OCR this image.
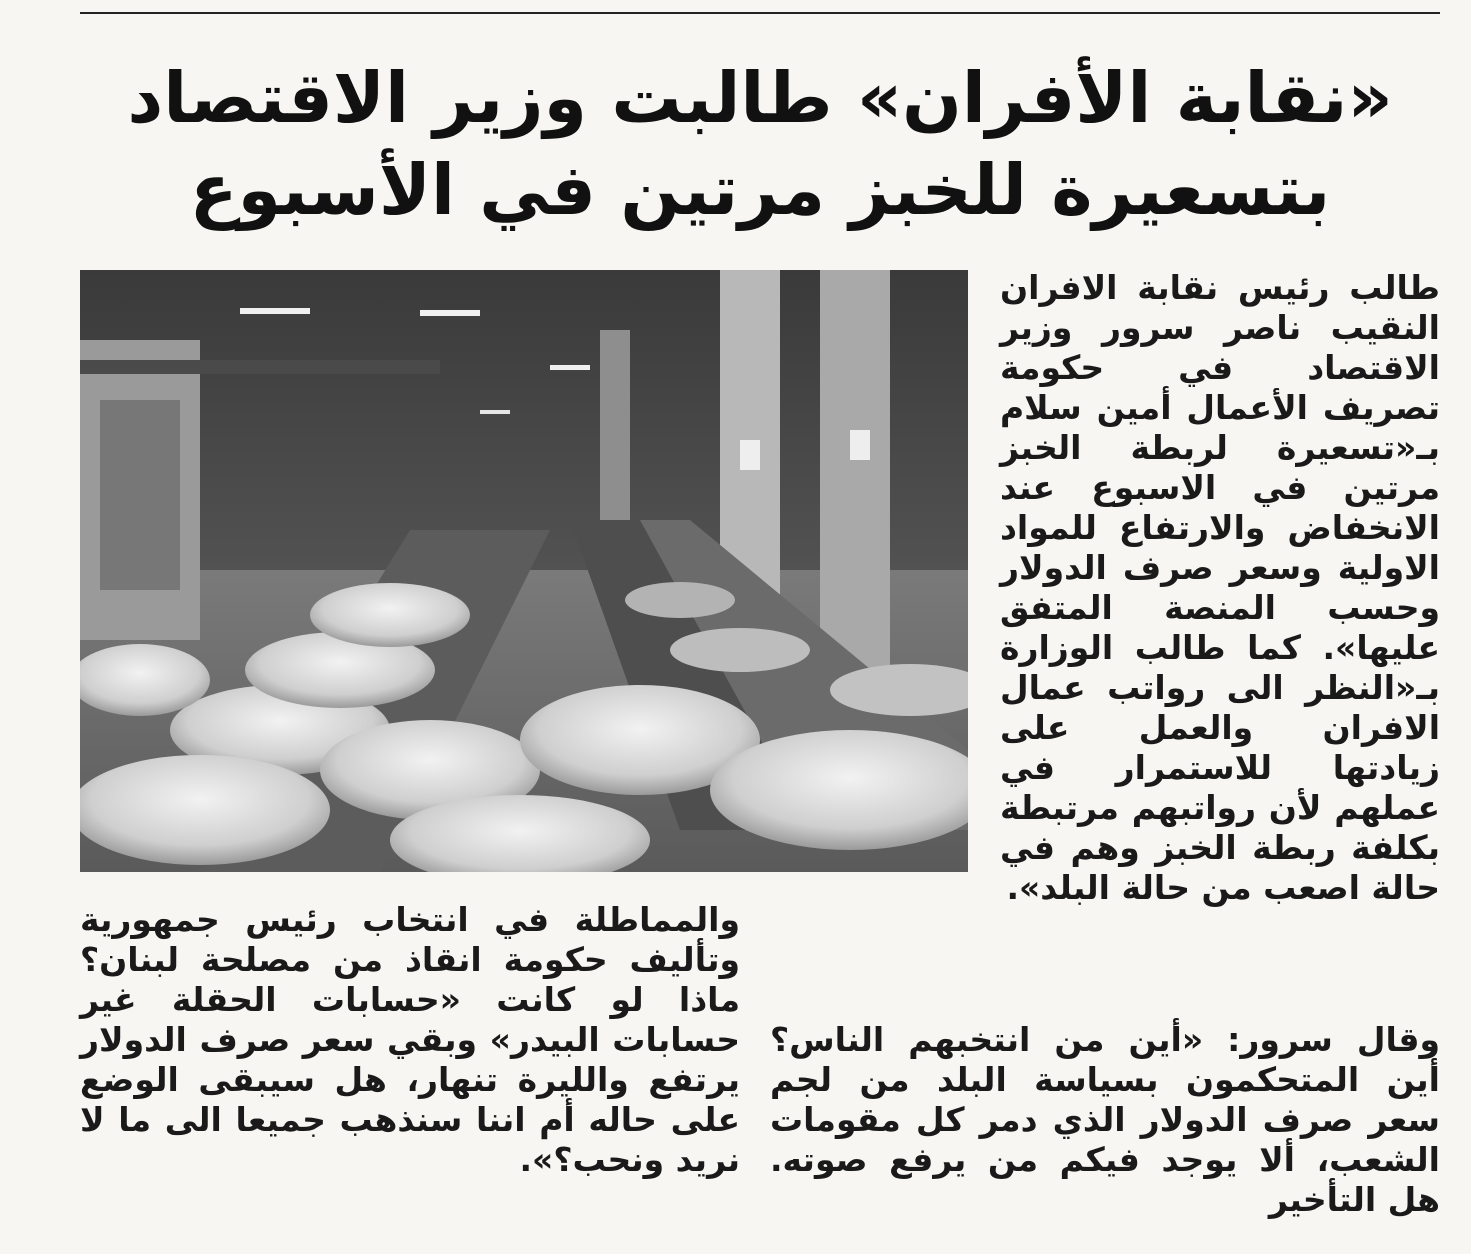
«نقابة الأفران» طالبت وزير الاقتصاد
بتسعيرة للخبز مرتين في الأسبوع

طالب رئيس نقابة الافران النقيب ناصر سرور وزير الاقتصاد في حكومة تصريف الأعمال أمين سلام بـ«تسعيرة لربطة الخبز مرتين في الاسبوع عند الانخفاض والارتفاع للمواد الاولية وسعر صرف الدولار وحسب المنصة المتفق عليها». كما طالب الوزارة بـ«النظر الى رواتب عمال الافران والعمل على زيادتها للاستمرار في عملهم لأن رواتبهم مرتبطة بكلفة ربطة الخبز وهم في حالة اصعب من حالة البلد».

وقال سرور: «أين من انتخبهم الناس؟ أين المتحكمون بسياسة البلد من لجم سعر صرف الدولار الذي دمر كل مقومات الشعب، ألا يوجد فيكم من يرفع صوته. هل التأخير

والمماطلة في انتخاب رئيس جمهورية وتأليف حكومة انقاذ من مصلحة لبنان؟ ماذا لو كانت «حسابات الحقلة غير حسابات البيدر» وبقي سعر صرف الدولار يرتفع والليرة تنهار، هل سيبقى الوضع على حاله أم اننا سنذهب جميعا الى ما لا نريد ونحب؟».
